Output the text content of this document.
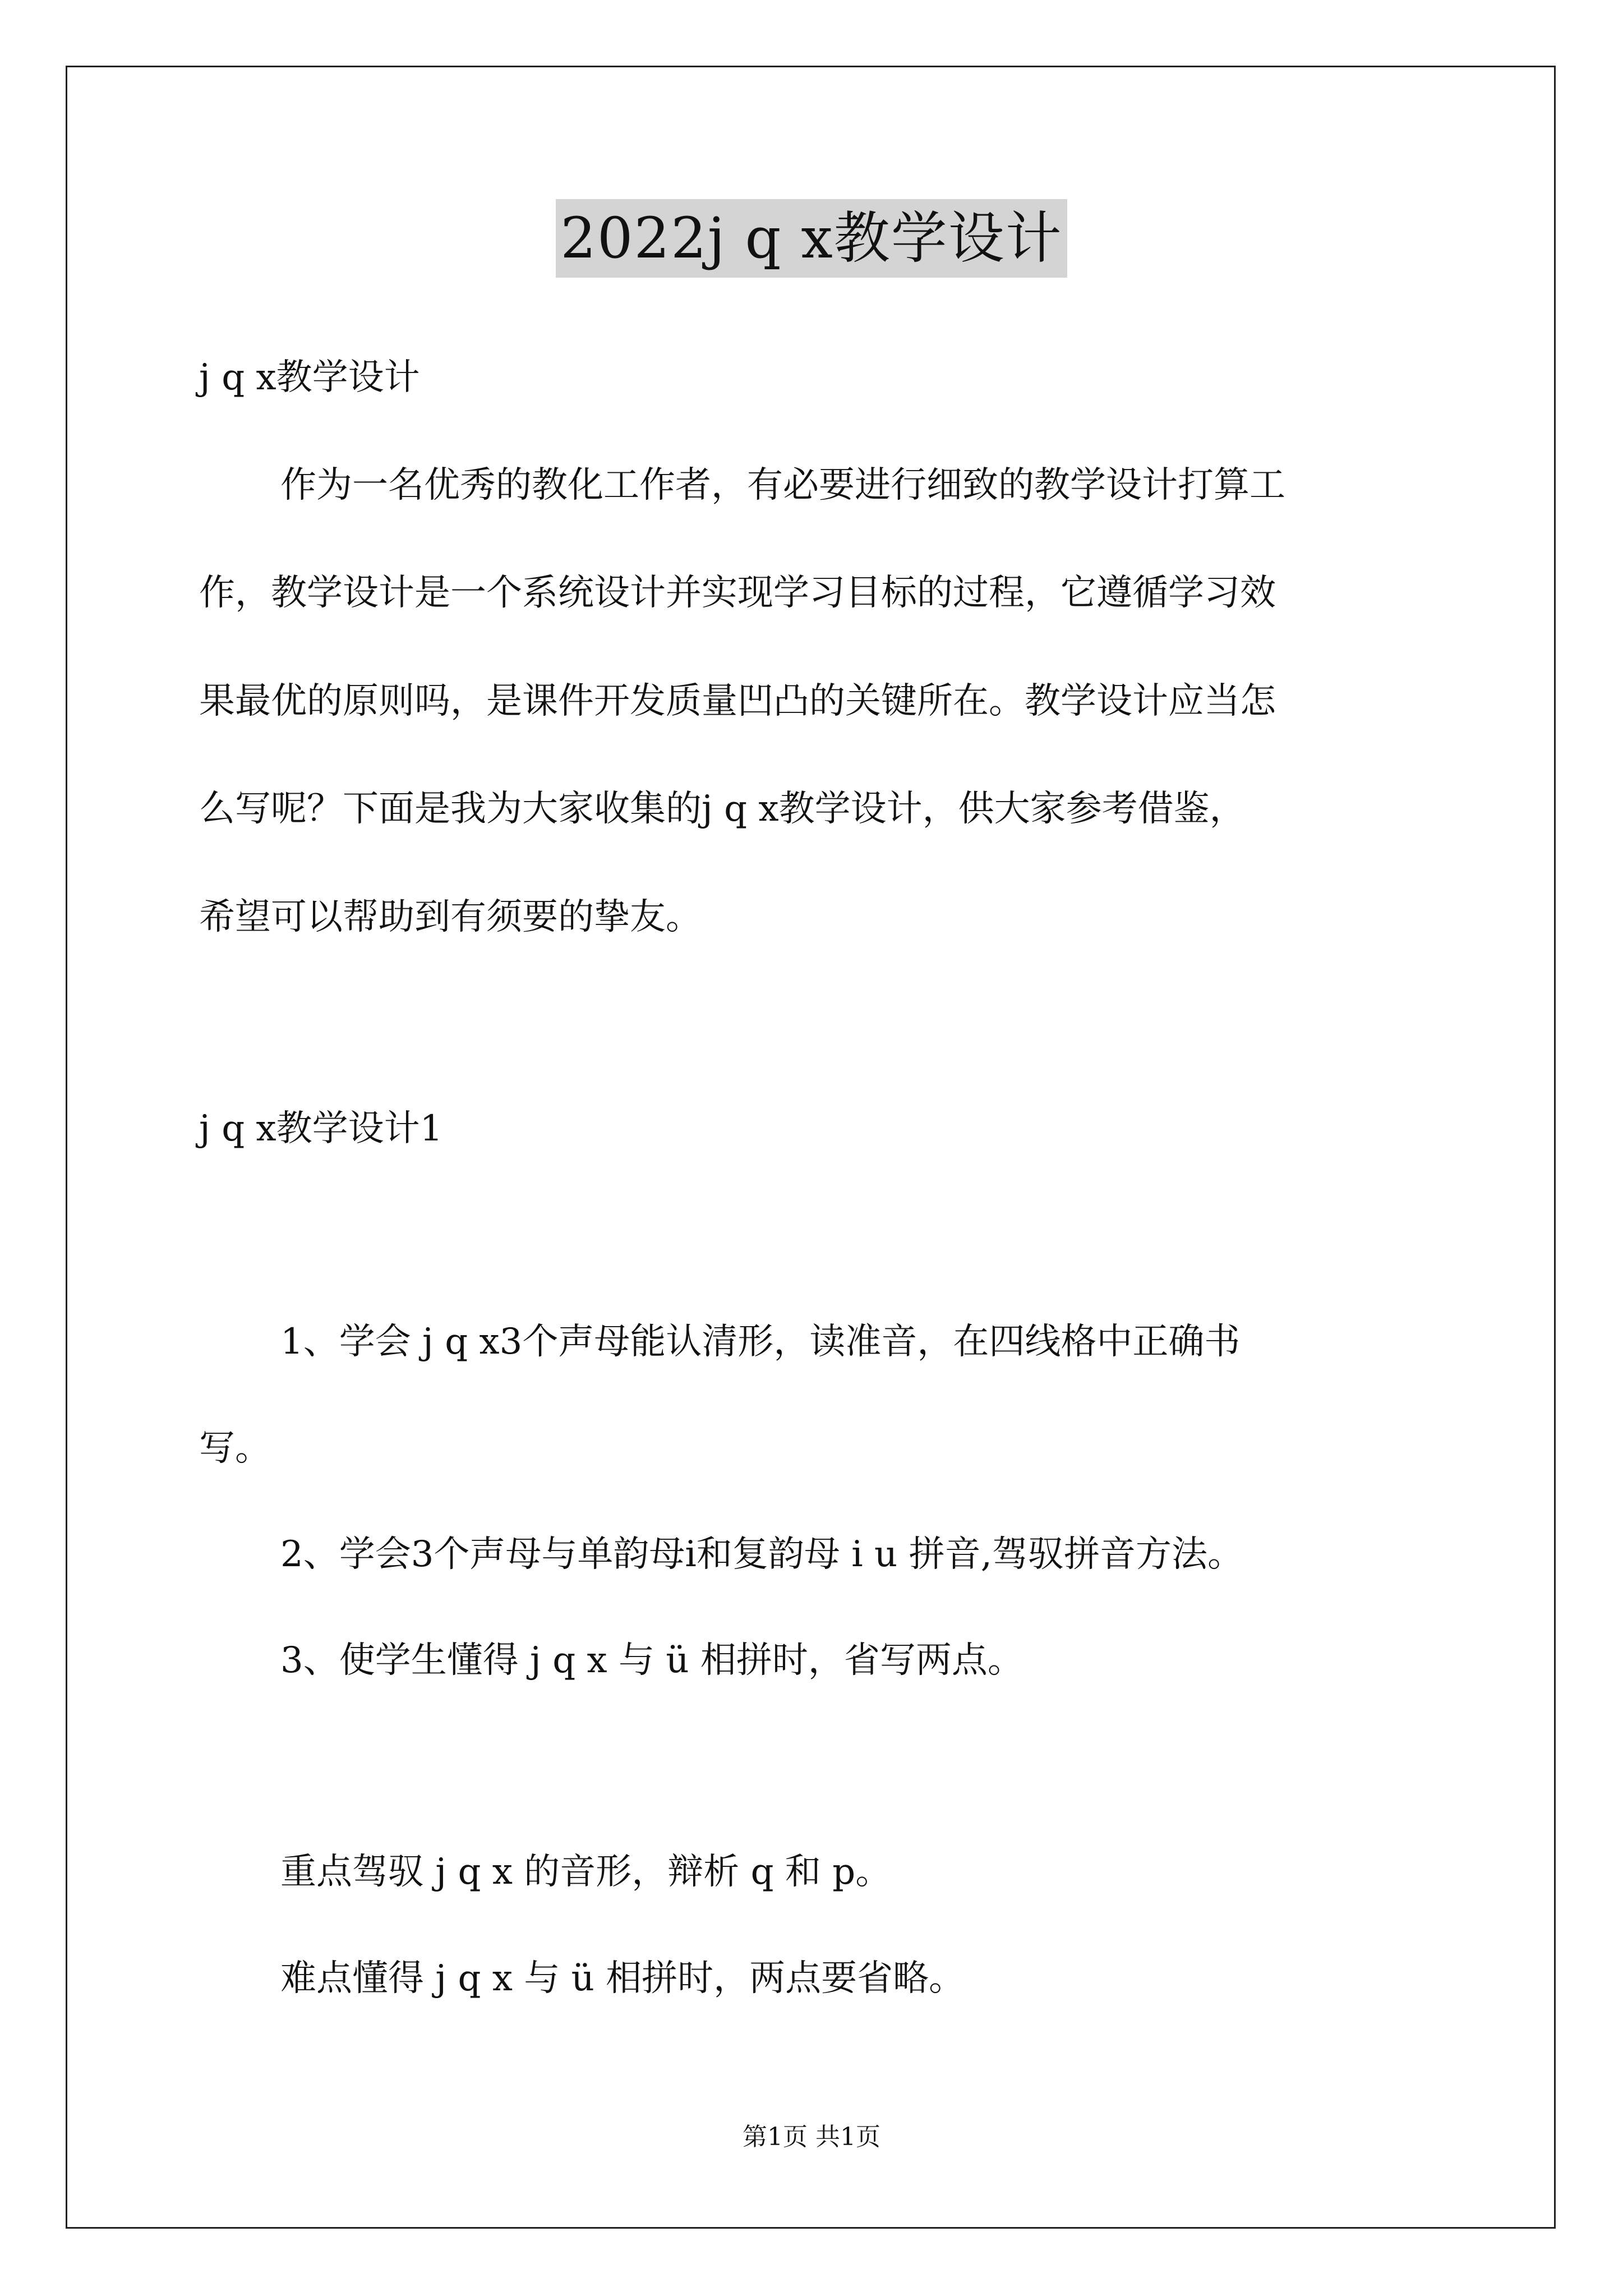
2022j q x教学设计
j q x教学设计
作为一名优秀的教化工作者，有必要进行细致的教学设计打算工
作，教学设计是一个系统设计并实现学习目标的过程，它遵循学习效
果最优的原则吗，是课件开发质量凹凸的关键所在。教学设计应当怎
么写呢？下面是我为大家收集的j q x教学设计，供大家参考借鉴，
希望可以帮助到有须要的挚友。
j q x教学设计1
1、学会 j q x3个声母能认清形，读准音，在四线格中正确书
写。
2、学会3个声母与单韵母i和复韵母 i u 拼音,驾驭拼音方法。
3、使学生懂得 j q x 与 ü 相拼时，省写两点。
重点驾驭 j q x 的音形，辩析 q 和 p。
难点懂得 j q x 与 ü 相拼时，两点要省略。
第1页 共1页
